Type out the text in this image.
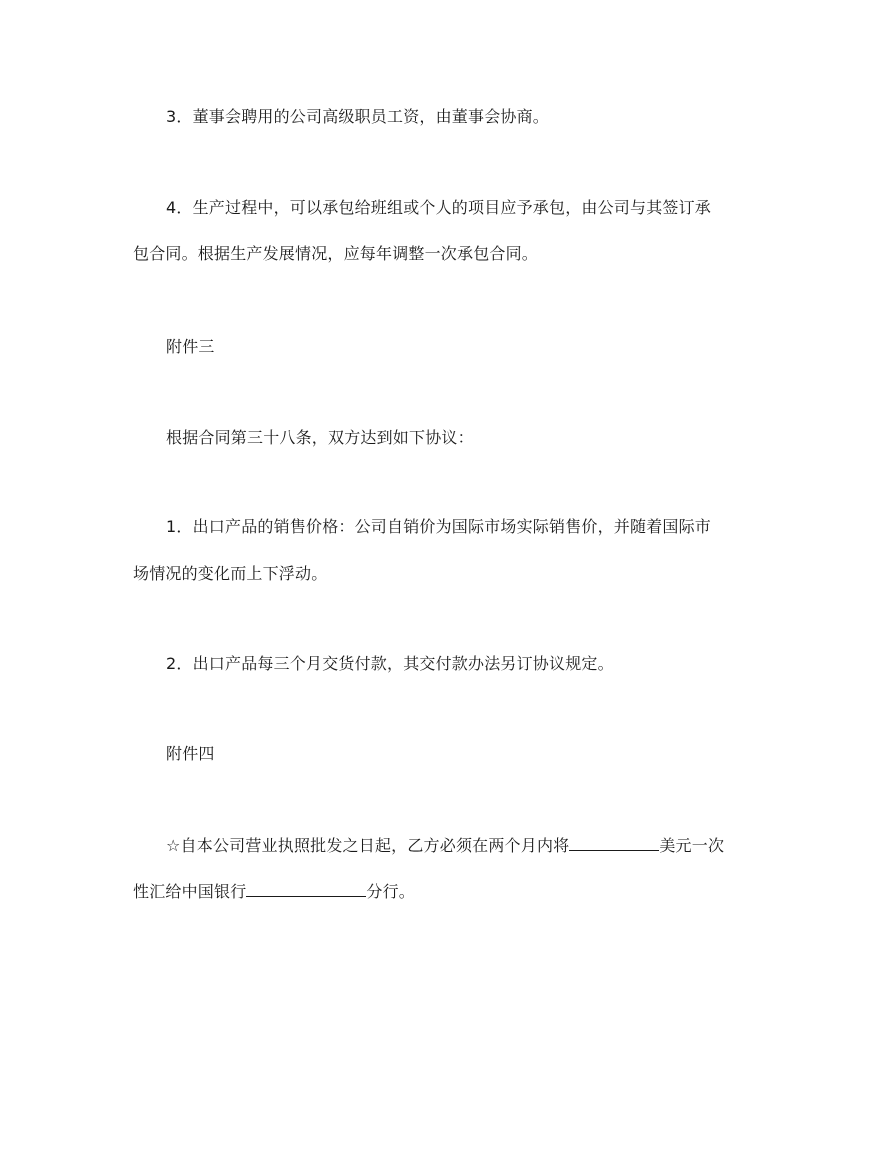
3．董事会聘用的公司高级职员工资，由董事会协商。
4．生产过程中，可以承包给班组或个人的项目应予承包，由公司与其签订承
包合同。根据生产发展情况，应每年调整一次承包合同。
附件三
根据合同第三十八条，双方达到如下协议：
1．出口产品的销售价格：公司自销价为国际市场实际销售价，并随着国际市
场情况的变化而上下浮动。
2．出口产品每三个月交货付款，其交付款办法另订协议规定。
附件四
☆自本公司营业执照批发之日起，乙方必须在两个月内将	美元一次
性汇给中国银行	分行。
